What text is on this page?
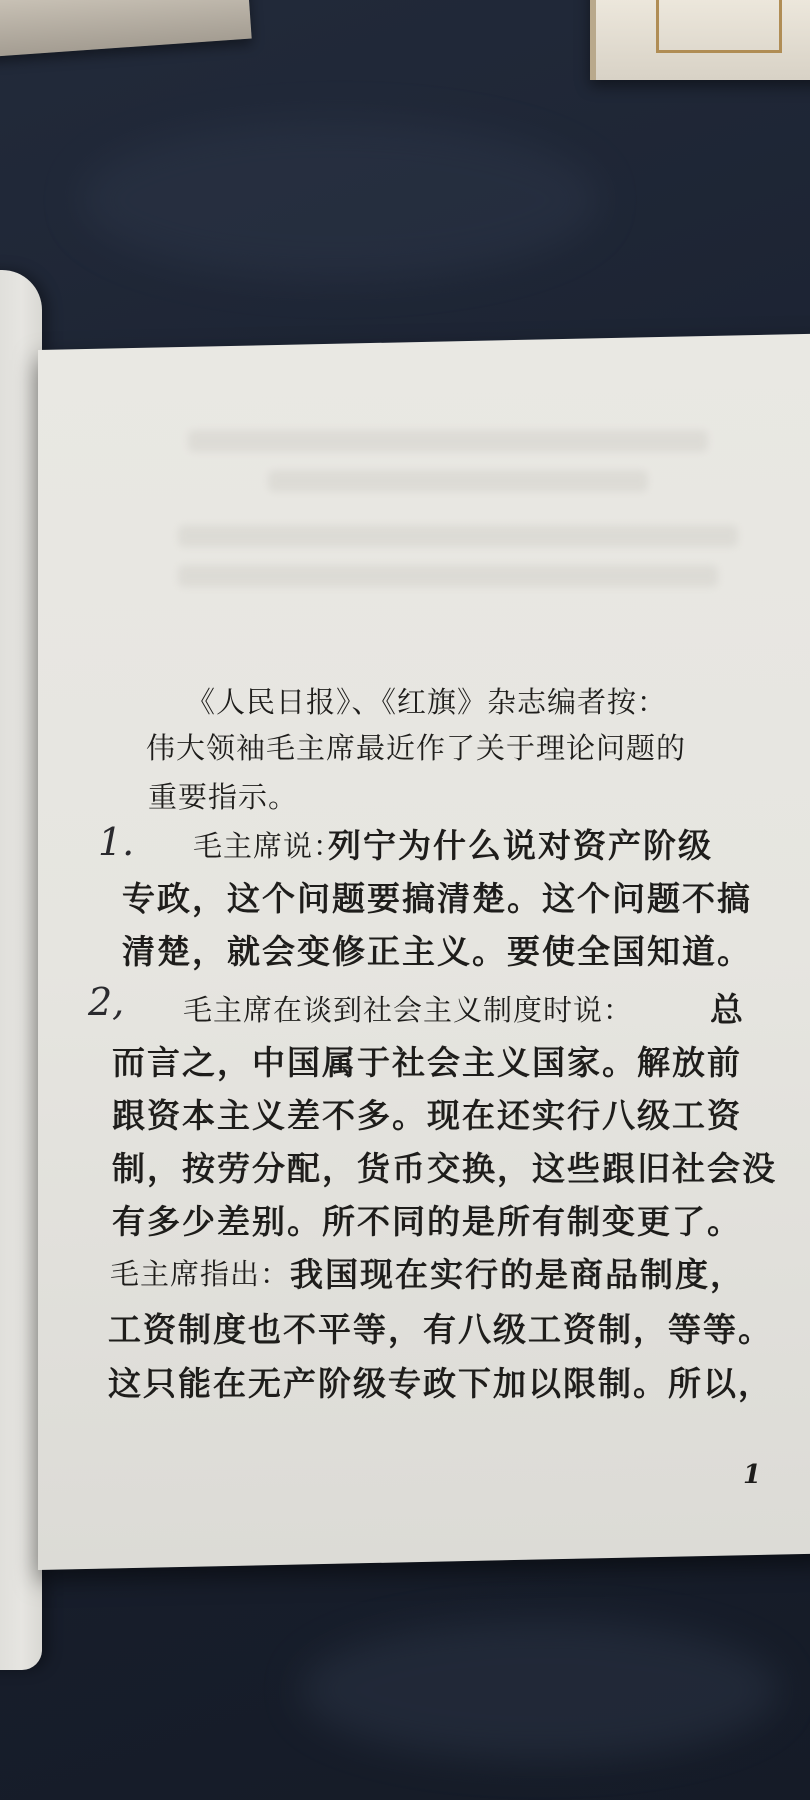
《人民日报》、《红旗》杂志编者按：
伟大领袖毛主席最近作了关于理论问题的
重要指示。
1. 毛主席说：
列宁为什么说对资产阶级
专政，这个问题要搞清楚。这个问题不搞
清楚，就会变修正主义。要使全国知道。
2, 毛主席在谈到社会主义制度时说： 总
而言之，中国属于社会主义国家。解放前
跟资本主义差不多。现在还实行八级工资
制，按劳分配，货币交换，这些跟旧社会没
有多少差别。所不同的是所有制变更了。
毛主席指出： 我国现在实行的是商品制度，
工资制度也不平等，有八级工资制，等等。
这只能在无产阶级专政下加以限制。所以，
1
